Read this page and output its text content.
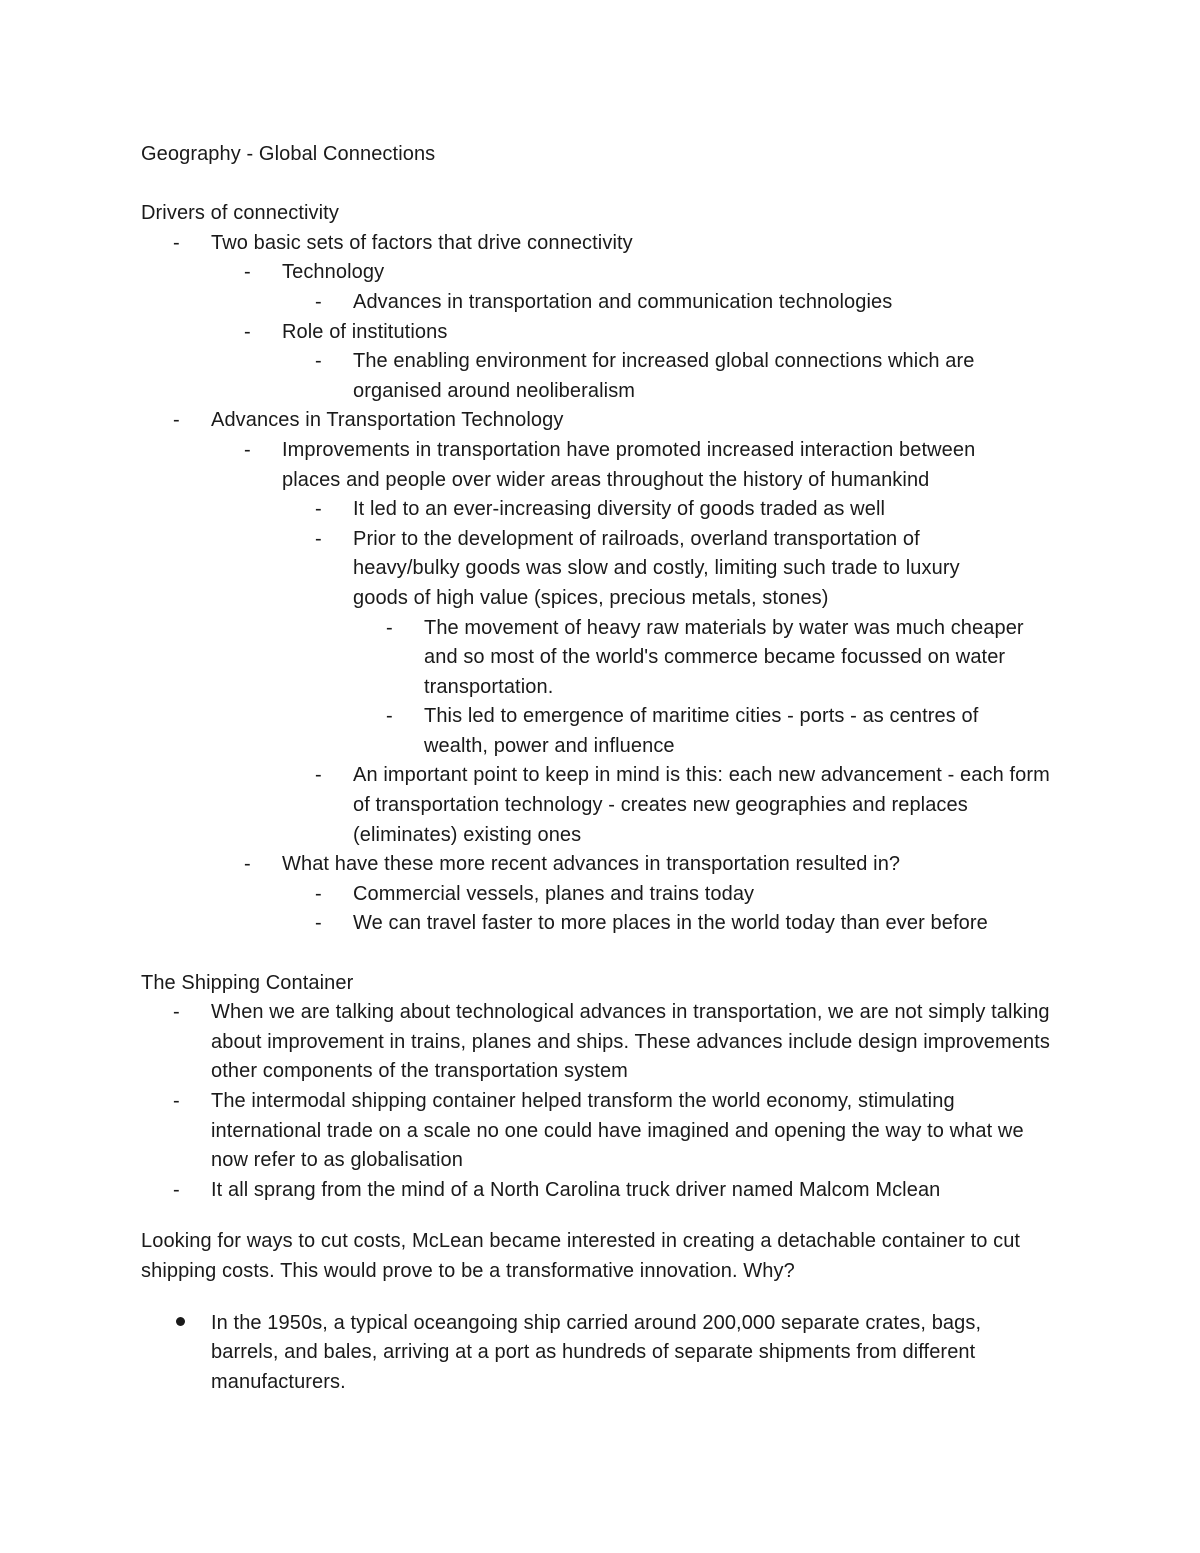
Geography - Global Connections
Drivers of connectivity
-	Two basic sets of factors that drive connectivity
-	Technology
-	Advances in transportation and communication technologies
-	Role of institutions
-	The enabling environment for increased global connections which are organised around neoliberalism
-	Advances in Transportation Technology
-	Improvements in transportation have promoted increased interaction between places and people over wider areas throughout the history of humankind
-	It led to an ever-increasing diversity of goods traded as well
-	Prior to the development of railroads, overland transportation of heavy/bulky goods was slow and costly, limiting such trade to luxury goods of high value (spices, precious metals, stones)
-	The movement of heavy raw materials by water was much cheaper and so most of the world's commerce became focussed on water transportation.
-	This led to emergence of maritime cities - ports - as centres of wealth, power and influence
-	An important point to keep in mind is this: each new advancement - each form of transportation technology - creates new geographies and replaces (eliminates) existing ones
-	What have these more recent advances in transportation resulted in?
-	Commercial vessels, planes and trains today
-	We can travel faster to more places in the world today than ever before
The Shipping Container
-	When we are talking about technological advances in transportation, we are not simply talking about improvement in trains, planes and ships. These advances include design improvements other components of the transportation system
-	The intermodal shipping container helped transform the world economy, stimulating international trade on a scale no one could have imagined and opening the way to what we now refer to as globalisation
-	It all sprang from the mind of a North Carolina truck driver named Malcom Mclean
Looking for ways to cut costs, McLean became interested in creating a detachable container to cut shipping costs. This would prove to be a transformative innovation. Why?
In the 1950s, a typical oceangoing ship carried around 200,000 separate crates, bags, barrels, and bales, arriving at a port as hundreds of separate shipments from different manufacturers.
